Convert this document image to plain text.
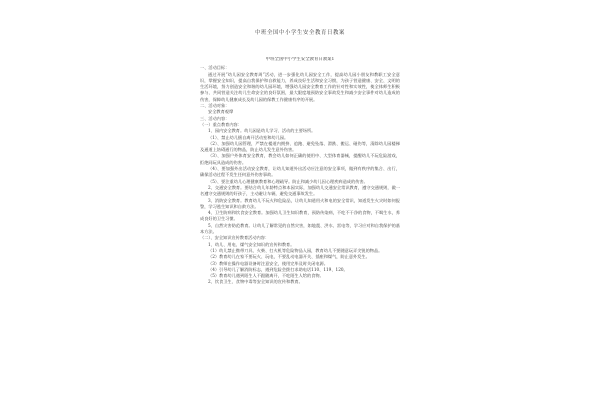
中班全国中小学生安全教育日教案

中班全国中小学生安全教育日教案1

一、活动目标：

通过开展“幼儿园安全教育周”活动，进一步强化幼儿园安全工作，提高幼儿园小朋友和教职工安全意识，掌握安全知识，提高自我保护和自救能力，养成良好生活和安全习惯，为孩子营造健康、安全、文明的生活环境，努力创造安全和谐的幼儿园环境，增强幼儿园安全教育工作的针对性和实效性，使全体师生积极参与、共同营造关注幼儿生命安全的良好氛围，最大限度地预防安全事故发生和减少安全事件对幼儿造成的伤害，保障幼儿健康成长及幼儿园的保教工作健康有序的开展。

二、活动对象：

安全教育观摩

三、活动内容：

（一）重点教育内容：

1、园内安全教育。幼儿园是幼儿学习、活动的主要场所。

（1）、禁止幼儿擅自离开活动室和幼儿园。

（2）、加强幼儿园管理，严禁在楼道内拥挤、追跑、避免坠落、滑跌、搬运、碰伤等，清除幼儿园楼梯及通道上妨碍通行的物品，防止幼儿发生意外伤害。

（3）、加强户外体育安全教育，教会幼儿如何正确的使用中、大型体育器械，提醒幼儿不玩危险游戏，拒绝同玩具造成的伤害。

（4）、要加强外出活动安全教育，让幼儿知道外出活动应注意的安全事项，做到有秩序的集合、出行，确保活动过程不发生任何意外伤害事故。

（5）、要注重幼儿心理健康教育和心理疏导。防止和减少幼儿因心理疾病造成的伤害。

2、交通安全教育。要结合幼儿年龄特点和本园实际，加强幼儿交通安全常识教育，遵守交通规则，做一名遵守交通规则的好孩子，主动避让车辆，避免交通事故发生。

3、消防安全教育。教育幼儿不玩火和危险品，让幼儿知道用火和电的安全常识，知道发生火灾时如何报警，学习逃生知识和自救方法。

4、卫生防病和饮食安全教育。加强幼儿卫生知识教育，预防传染病，不吃不干净的食物，不喝生水，养成良好的卫生习惯。

5、自然灾害防范教育。让幼儿了解常见的自然灾害，如地震、洪水、雷电等，学习应对和自我保护的基本方法。

（二）、安全知识宣传教育活动内容：

1、幼儿、用电、煤气安全知识的宣传和教育。

（1）幼儿禁止携带刀具、火柴、打火机等危险物品入园，教育幼儿不要随意玩弄尖锐的物品。

（2）教育幼儿在家不要玩火、玩电，不要乱动电器开关、插座和煤气，防止意外发生。

（3）教师在操作电器设备时注意安全，使用完毕及时关闭电源。

（4）引导幼儿了解消防标志，遇到危险会拨打求助电话110、119、120。

（5）教育幼儿遇到陌生人不跟随离开，不吃陌生人给的食物。

2、饮食卫生、食物中毒等安全知识的宣传和教育。
